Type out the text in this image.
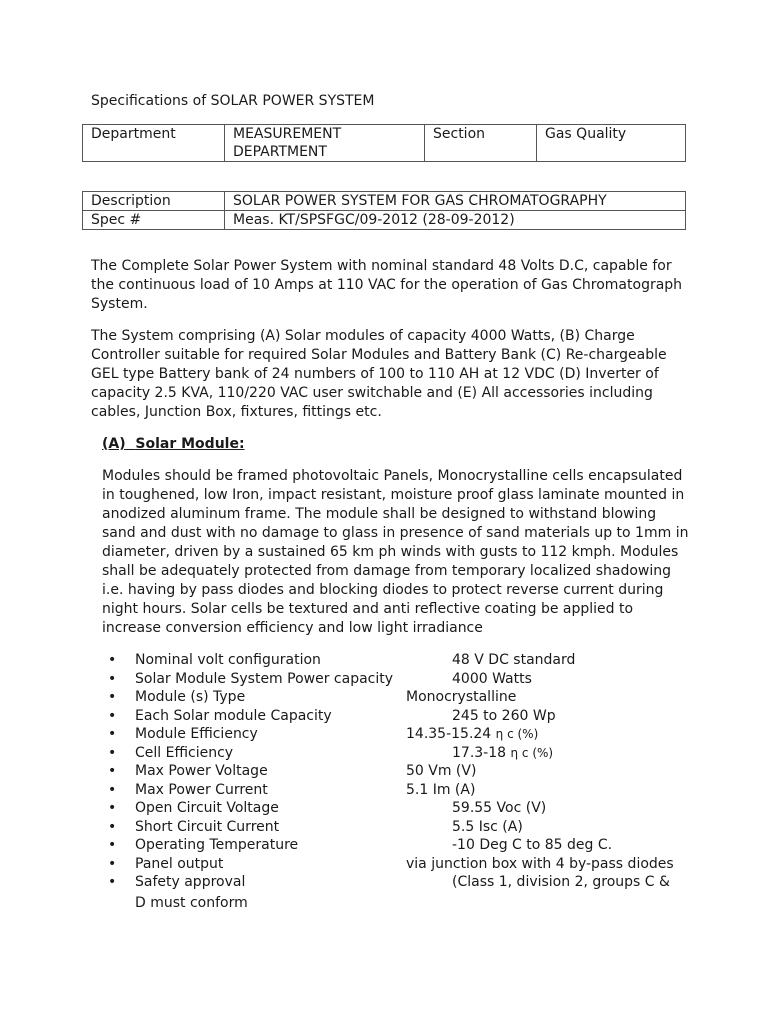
Specifications of SOLAR POWER SYSTEM
Department	MEASUREMENT DEPARTMENT	Section	Gas Quality
Description	SOLAR POWER SYSTEM FOR GAS CHROMATOGRAPHY
Spec #	Meas. KT/SPSFGC/09-2012 (28-09-2012)

The Complete Solar Power System with nominal standard 48 Volts D.C, capable for the continuous load of 10 Amps at 110 VAC for the operation of Gas Chromatograph System.

The System comprising (A) Solar modules of capacity 4000 Watts, (B) Charge Controller suitable for required Solar Modules and Battery Bank (C) Re-chargeable GEL type Battery bank of 24 numbers of 100 to 110 AH at 12 VDC (D) Inverter of capacity 2.5 KVA, 110/220 VAC user switchable and (E) All accessories including cables, Junction Box, fixtures, fittings etc.

(A) Solar Module:

Modules should be framed photovoltaic Panels, Monocrystalline cells encapsulated in toughened, low Iron, impact resistant, moisture proof glass laminate mounted in anodized aluminum frame. The module shall be designed to withstand blowing sand and dust with no damage to glass in presence of sand materials up to 1mm in diameter, driven by a sustained 65 km ph winds with gusts to 112 kmph. Modules shall be adequately protected from damage from temporary localized shadowing i.e. having by pass diodes and blocking diodes to protect reverse current during night hours. Solar cells be textured and anti reflective coating be applied to increase conversion efficiency and low light irradiance

• Nominal volt configuration	48 V DC standard
• Solar Module System Power capacity	4000 Watts
• Module (s) Type	Monocrystalline
• Each Solar module Capacity	245 to 260 Wp
• Module Efficiency	14.35-15.24 η c (%)
• Cell Efficiency	17.3-18 η c (%)
• Max Power Voltage	50 Vm (V)
• Max Power Current	5.1 Im (A)
• Open Circuit Voltage	59.55 Voc (V)
• Short Circuit Current	5.5 Isc (A)
• Operating Temperature	-10 Deg C to 85 deg C.
• Panel output	via junction box with 4 by-pass diodes
• Safety approval	(Class 1, division 2, groups C &
D must conform
